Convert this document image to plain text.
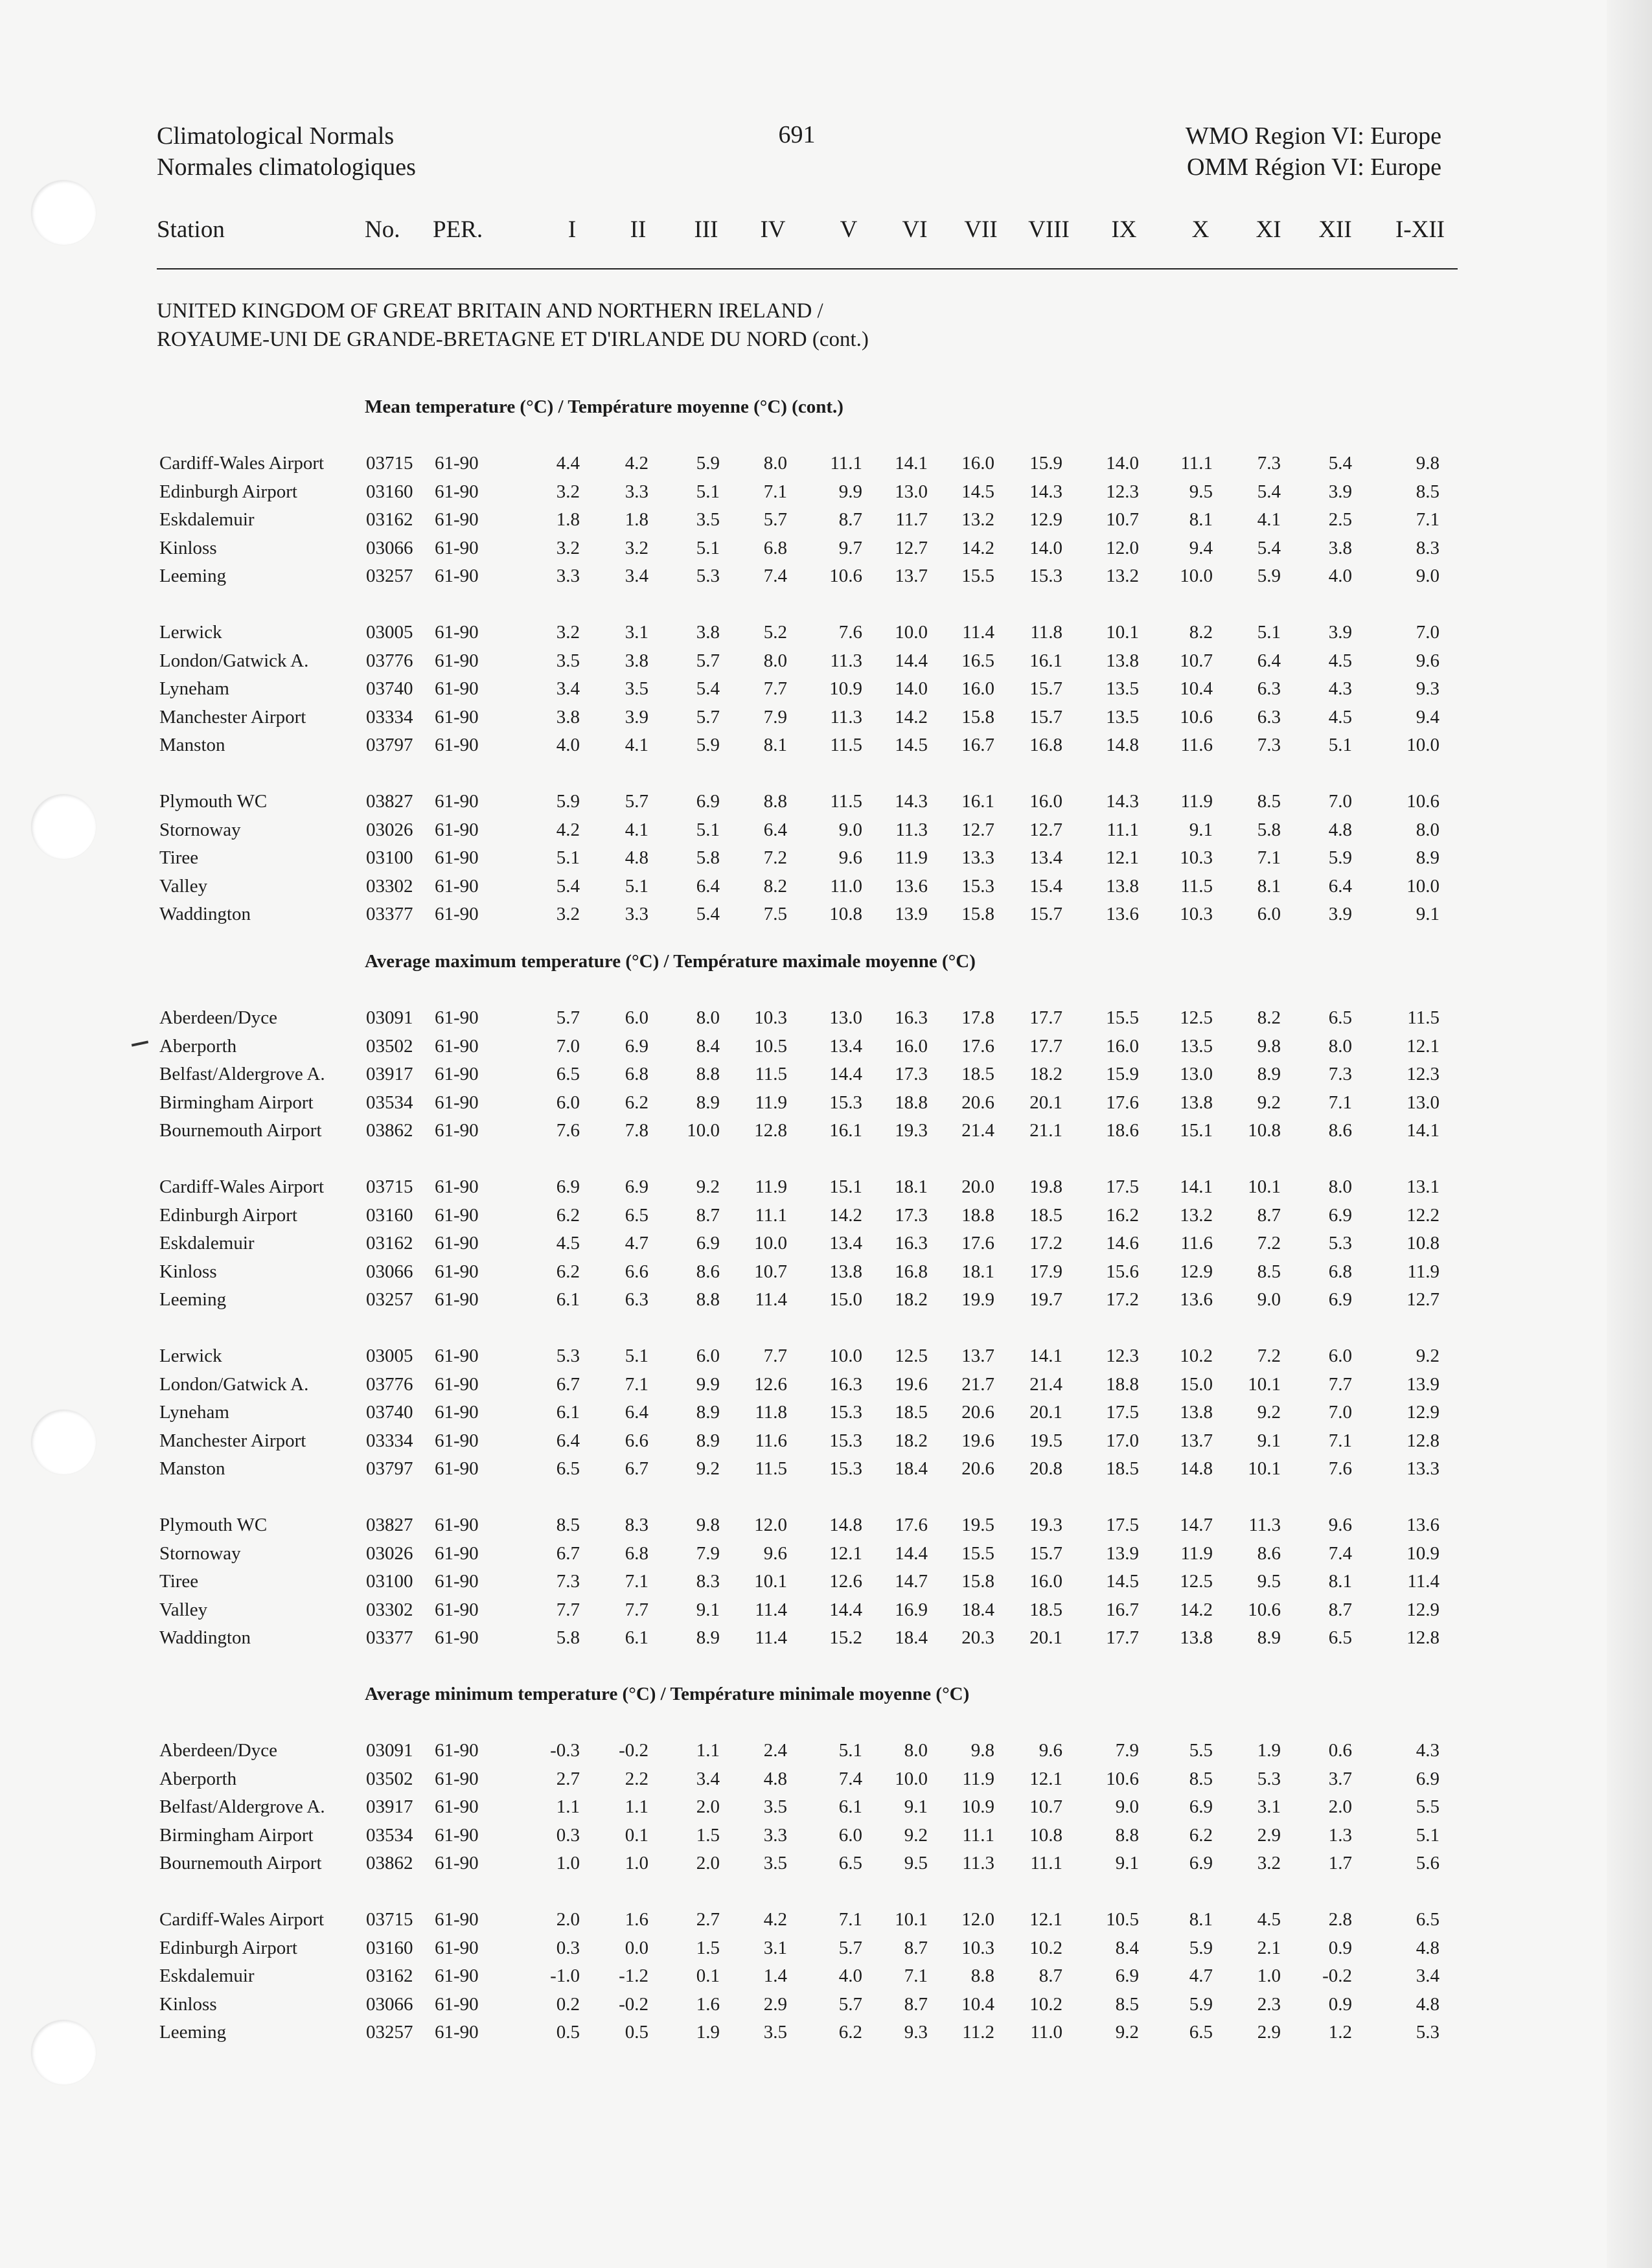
Climatological Normals
Normales climatologiques
691	WMO Region VI: Europe
OMM Région VI: Europe
Station	No. PER.	I	II	III	IV	V	VI	VII	VIII	IX	X	XI	XII	I-XII
UNITED KINGDOM OF GREAT BRITAIN AND NORTHERN IRELAND /
ROYAUME-UNI DE GRANDE-BRETAGNE ET D'IRLANDE DU NORD (cont.)
Mean temperature (°C) / Température moyenne (°C) (cont.)
Cardiff-Wales Airport 03715 61-90	4.4	4.2	5.9	8.0	11.1	14.1	16.0	15.9	14.0	11.1	7.3	5.4	9.8
Edinburgh Airport	03160 61-90	3.2	3.3	5.1	7.1	9.9	13.0	14.5	14.3	12.3	9.5	5.4	3.9	8.5
Eskdalemuir	03162 61-90	1.8	1.8	3.5	5.7	8.7	11.7	13.2	12.9	10.7	8.1	4.1	2.5	7.1
Kinloss	03066 61-90	3.2	3.2	5.1	6.8	9.7	12.7	14.2	14.0	12.0	9.4	5.4	3.8	8.3
Leeming	03257 61-90	3.3	3.4	5.3	7.4	10.6	13.7	15.5	15.3	13.2	10.0	5.9	4.0	9.0
Lerwick	03005 61-90	3.2	3.1	3.8	5.2	7.6	10.0	11.4	11.8	10.1	8.2	5.1	3.9	7.0
London/Gatwick A.	03776 61-90	3.5	3.8	5.7	8.0	11.3	14.4	16.5	16.1	13.8	10.7	6.4	4.5	9.6
Lyneham	03740 61-90	3.4	3.5	5.4	7.7	10.9	14.0	16.0	15.7	13.5	10.4	6.3	4.3	9.3
Manchester Airport	03334 61-90	3.8	3.9	5.7	7.9	11.3	14.2	15.8	15.7	13.5	10.6	6.3	4.5	9.4
Manston	03797 61-90	4.0	4.1	5.9	8.1	11.5	14.5	16.7	16.8	14.8	11.6	7.3	5.1	10.0
Plymouth WC	03827 61-90	5.9	5.7	6.9	8.8	11.5	14.3	16.1	16.0	14.3	11.9	8.5	7.0	10.6
Stornoway	03026 61-90	4.2	4.1	5.1	6.4	9.0	11.3	12.7	12.7	11.1	9.1	5.8	4.8	8.0
Tiree	03100 61-90	5.1	4.8	5.8	7.2	9.6	11.9	13.3	13.4	12.1	10.3	7.1	5.9	8.9
Valley	03302 61-90	5.4	5.1	6.4	8.2	11.0	13.6	15.3	15.4	13.8	11.5	8.1	6.4	10.0
Waddington	03377 61-90	3.2	3.3	5.4	7.5	10.8	13.9	15.8	15.7	13.6	10.3	6.0	3.9	9.1
Average maximum temperature (°C) / Température maximale moyenne (°C)
Aberdeen/Dyce	03091 61-90	5.7	6.0	8.0	10.3	13.0	16.3	17.8	17.7	15.5	12.5	8.2	6.5	11.5
Aberporth	03502 61-90	7.0	6.9	8.4	10.5	13.4	16.0	17.6	17.7	16.0	13.5	9.8	8.0	12.1
Belfast/Aldergrove A. 03917 61-90	6.5	6.8	8.8	11.5	14.4	17.3	18.5	18.2	15.9	13.0	8.9	7.3	12.3
Birmingham Airport	03534 61-90	6.0	6.2	8.9	11.9	15.3	18.8	20.6	20.1	17.6	13.8	9.2	7.1	13.0
Bournemouth Airport 03862 61-90	7.6	7.8	10.0	12.8	16.1	19.3	21.4	21.1	18.6	15.1	10.8	8.6	14.1
Cardiff-Wales Airport 03715 61-90	6.9	6.9	9.2	11.9	15.1	18.1	20.0	19.8	17.5	14.1	10.1	8.0	13.1
Edinburgh Airport	03160 61-90	6.2	6.5	8.7	11.1	14.2	17.3	18.8	18.5	16.2	13.2	8.7	6.9	12.2
Eskdalemuir	03162 61-90	4.5	4.7	6.9	10.0	13.4	16.3	17.6	17.2	14.6	11.6	7.2	5.3	10.8
Kinloss	03066 61-90	6.2	6.6	8.6	10.7	13.8	16.8	18.1	17.9	15.6	12.9	8.5	6.8	11.9
Leeming	03257 61-90	6.1	6.3	8.8	11.4	15.0	18.2	19.9	19.7	17.2	13.6	9.0	6.9	12.7
Lerwick	03005 61-90	5.3	5.1	6.0	7.7	10.0	12.5	13.7	14.1	12.3	10.2	7.2	6.0	9.2
London/Gatwick A.	03776 61-90	6.7	7.1	9.9	12.6	16.3	19.6	21.7	21.4	18.8	15.0	10.1	7.7	13.9
Lyneham	03740 61-90	6.1	6.4	8.9	11.8	15.3	18.5	20.6	20.1	17.5	13.8	9.2	7.0	12.9
Manchester Airport	03334 61-90	6.4	6.6	8.9	11.6	15.3	18.2	19.6	19.5	17.0	13.7	9.1	7.1	12.8
Manston	03797 61-90	6.5	6.7	9.2	11.5	15.3	18.4	20.6	20.8	18.5	14.8	10.1	7.6	13.3
Plymouth WC	03827 61-90	8.5	8.3	9.8	12.0	14.8	17.6	19.5	19.3	17.5	14.7	11.3	9.6	13.6
Stornoway	03026 61-90	6.7	6.8	7.9	9.6	12.1	14.4	15.5	15.7	13.9	11.9	8.6	7.4	10.9
Tiree	03100 61-90	7.3	7.1	8.3	10.1	12.6	14.7	15.8	16.0	14.5	12.5	9.5	8.1	11.4
Valley	03302 61-90	7.7	7.7	9.1	11.4	14.4	16.9	18.4	18.5	16.7	14.2	10.6	8.7	12.9
Waddington	03377 61-90	5.8	6.1	8.9	11.4	15.2	18.4	20.3	20.1	17.7	13.8	8.9	6.5	12.8
Average minimum temperature (°C) / Température minimale moyenne (°C)
Aberdeen/Dyce	03091 61-90	-0.3	-0.2	1.1	2.4	5.1	8.0	9.8	9.6	7.9	5.5	1.9	0.6	4.3
Aberporth	03502 61-90	2.7	2.2	3.4	4.8	7.4	10.0	11.9	12.1	10.6	8.5	5.3	3.7	6.9
Belfast/Aldergrove A. 03917 61-90	1.1	1.1	2.0	3.5	6.1	9.1	10.9	10.7	9.0	6.9	3.1	2.0	5.5
Birmingham Airport	03534 61-90	0.3	0.1	1.5	3.3	6.0	9.2	11.1	10.8	8.8	6.2	2.9	1.3	5.1
Bournemouth Airport 03862 61-90	1.0	1.0	2.0	3.5	6.5	9.5	11.3	11.1	9.1	6.9	3.2	1.7	5.6
Cardiff-Wales Airport 03715 61-90	2.0	1.6	2.7	4.2	7.1	10.1	12.0	12.1	10.5	8.1	4.5	2.8	6.5
Edinburgh Airport	03160 61-90	0.3	0.0	1.5	3.1	5.7	8.7	10.3	10.2	8.4	5.9	2.1	0.9	4.8
Eskdalemuir	03162 61-90	-1.0	-1.2	0.1	1.4	4.0	7.1	8.8	8.7	6.9	4.7	1.0	-0.2	3.4
Kinloss	03066 61-90	0.2	-0.2	1.6	2.9	5.7	8.7	10.4	10.2	8.5	5.9	2.3	0.9	4.8
Leeming	03257 61-90	0.5	0.5	1.9	3.5	6.2	9.3	11.2	11.0	9.2	6.5	2.9	1.2	5.3
